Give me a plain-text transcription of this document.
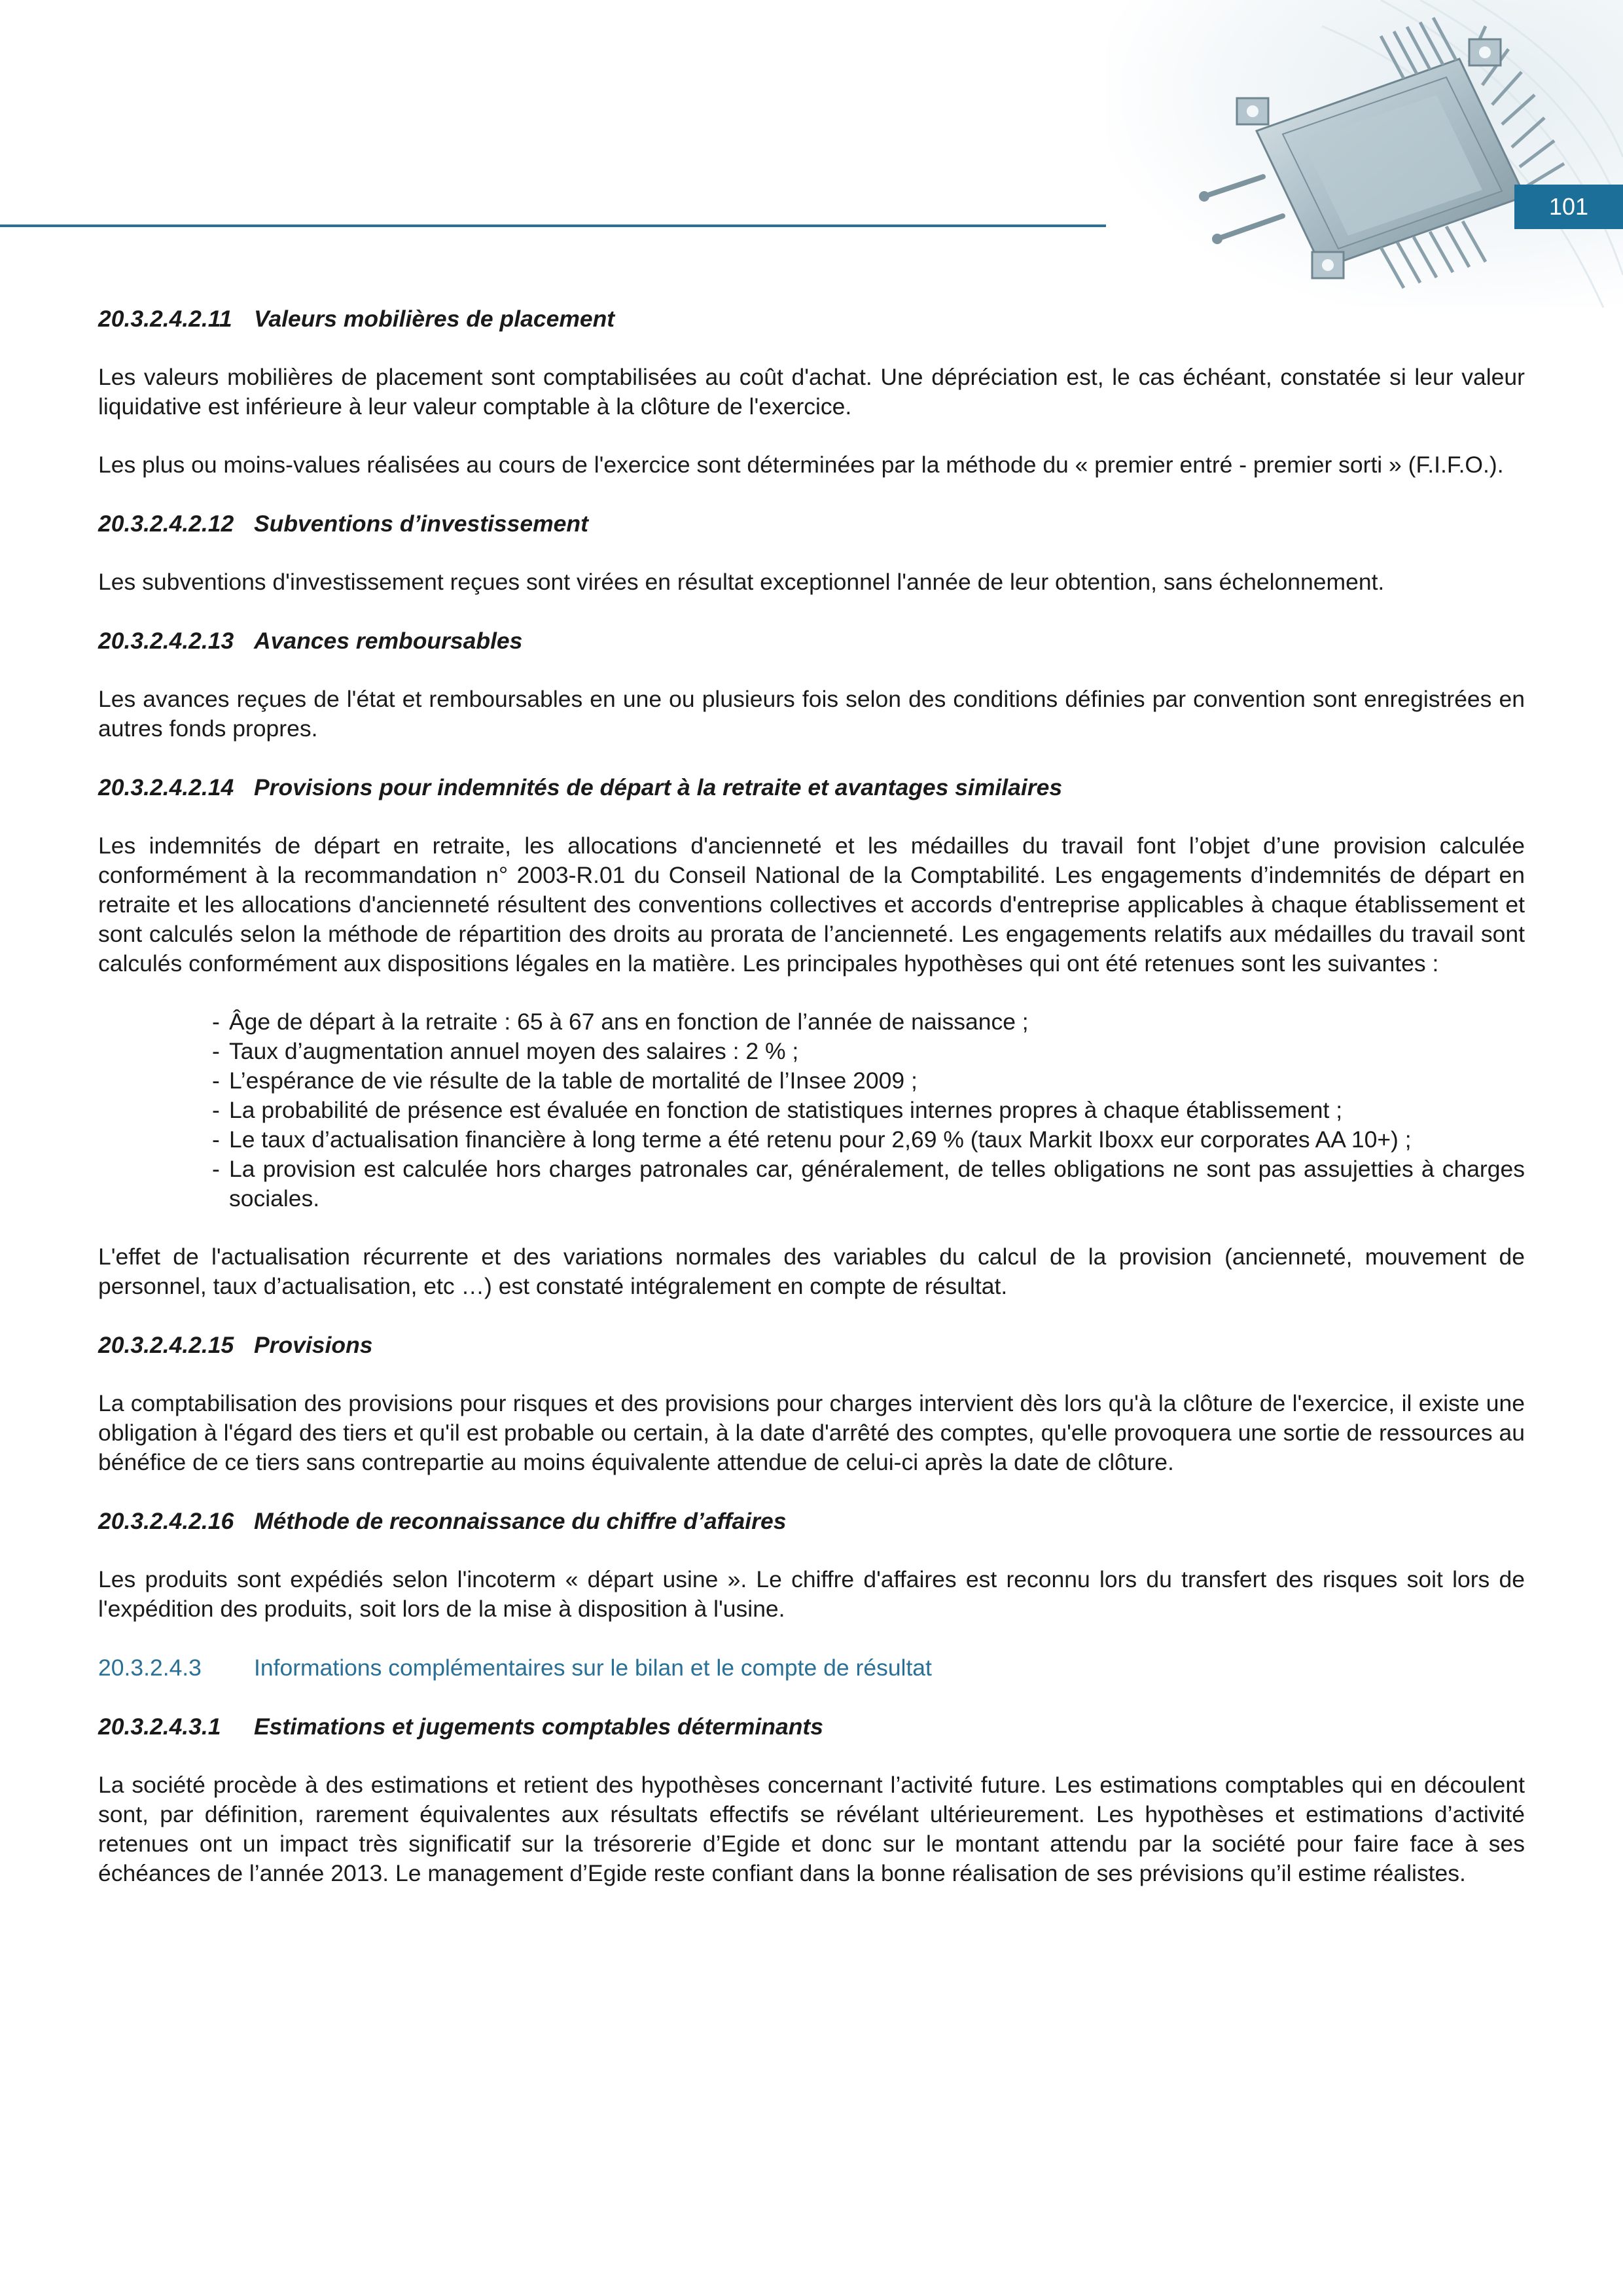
101

20.3.2.4.2.11 Valeurs mobilières de placement

Les valeurs mobilières de placement sont comptabilisées au coût d'achat. Une dépréciation est, le cas échéant, constatée si leur valeur liquidative est inférieure à leur valeur comptable à la clôture de l'exercice.

Les plus ou moins-values réalisées au cours de l'exercice sont déterminées par la méthode du « premier entré - premier sorti » (F.I.F.O.).

20.3.2.4.2.12 Subventions d’investissement

Les subventions d'investissement reçues sont virées en résultat exceptionnel l'année de leur obtention, sans échelonnement.

20.3.2.4.2.13 Avances remboursables

Les avances reçues de l'état et remboursables en une ou plusieurs fois selon des conditions définies par convention sont enregistrées en autres fonds propres.

20.3.2.4.2.14 Provisions pour indemnités de départ à la retraite et avantages similaires

Les indemnités de départ en retraite, les allocations d'ancienneté et les médailles du travail font l’objet d’une provision calculée conformément à la recommandation n° 2003-R.01 du Conseil National de la Comptabilité. Les engagements d’indemnités de départ en retraite et les allocations d'ancienneté résultent des conventions collectives et accords d'entreprise applicables à chaque établissement et sont calculés selon la méthode de répartition des droits au prorata de l’ancienneté. Les engagements relatifs aux médailles du travail sont calculés conformément aux dispositions légales en la matière. Les principales hypothèses qui ont été retenues sont les suivantes :

- Âge de départ à la retraite : 65 à 67 ans en fonction de l’année de naissance ;
- Taux d’augmentation annuel moyen des salaires : 2 % ;
- L’espérance de vie résulte de la table de mortalité de l’Insee 2009 ;
- La probabilité de présence est évaluée en fonction de statistiques internes propres à chaque établissement ;
- Le taux d’actualisation financière à long terme a été retenu pour 2,69 % (taux Markit Iboxx eur corporates AA 10+) ;
- La provision est calculée hors charges patronales car, généralement, de telles obligations ne sont pas assujetties à charges sociales.

L'effet de l'actualisation récurrente et des variations normales des variables du calcul de la provision (ancienneté, mouvement de personnel, taux d’actualisation, etc …) est constaté intégralement en compte de résultat.

20.3.2.4.2.15 Provisions

La comptabilisation des provisions pour risques et des provisions pour charges intervient dès lors qu'à la clôture de l'exercice, il existe une obligation à l'égard des tiers et qu'il est probable ou certain, à la date d'arrêté des comptes, qu'elle provoquera une sortie de ressources au bénéfice de ce tiers sans contrepartie au moins équivalente attendue de celui-ci après la date de clôture.

20.3.2.4.2.16 Méthode de reconnaissance du chiffre d’affaires

Les produits sont expédiés selon l'incoterm « départ usine ». Le chiffre d'affaires est reconnu lors du transfert des risques soit lors de l'expédition des produits, soit lors de la mise à disposition à l'usine.

20.3.2.4.3 Informations complémentaires sur le bilan et le compte de résultat

20.3.2.4.3.1 Estimations et jugements comptables déterminants

La société procède à des estimations et retient des hypothèses concernant l’activité future. Les estimations comptables qui en découlent sont, par définition, rarement équivalentes aux résultats effectifs se révélant ultérieurement. Les hypothèses et estimations d’activité retenues ont un impact très significatif sur la trésorerie d’Egide et donc sur le montant attendu par la société pour faire face à ses échéances de l’année 2013. Le management d’Egide reste confiant dans la bonne réalisation de ses prévisions qu’il estime réalistes.
